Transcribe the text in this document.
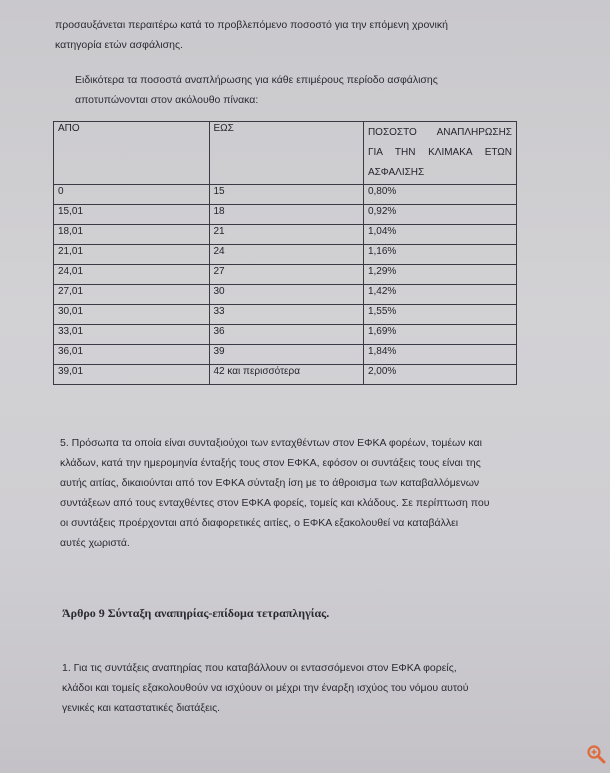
προσαυξάνεται περαιτέρω κατά το προβλεπόμενο ποσοστό για την επόμενη χρονική
κατηγορία ετών ασφάλισης.

Ειδικότερα τα ποσοστά αναπλήρωσης για κάθε επιμέρους περίοδο ασφάλισης
αποτυπώνονται στον ακόλουθο πίνακα:

ΑΠΟ	ΕΩΣ	ΠΟΣΟΣΤΟ ΑΝΑΠΛΗΡΩΣΗΣ
ΓΙΑ ΤΗΝ ΚΛΙΜΑΚΑ ΕΤΩΝ
ΑΣΦΑΛΙΣΗΣ

0	15	0,80%
15,01	18	0,92%
18,01	21	1,04%
21,01	24	1,16%
24,01	27	1,29%
27,01	30	1,42%
30,01	33	1,55%
33,01	36	1,69%
36,01	39	1,84%
39,01	42 και περισσότερα	2,00%

5. Πρόσωπα τα οποία είναι συνταξιούχοι των ενταχθέντων στον ΕΦΚΑ φορέων, τομέων και
κλάδων, κατά την ημερομηνία ένταξής τους στον ΕΦΚΑ, εφόσον οι συντάξεις τους είναι της
αυτής αιτίας, δικαιούνται από τον ΕΦΚΑ σύνταξη ίση με το άθροισμα των καταβαλλόμενων
συντάξεων από τους ενταχθέντες στον ΕΦΚΑ φορείς, τομείς και κλάδους. Σε περίπτωση που
οι συντάξεις προέρχονται από διαφορετικές αιτίες, ο ΕΦΚΑ εξακολουθεί να καταβάλλει
αυτές χωριστά.

Άρθρο 9 Σύνταξη αναπηρίας-επίδομα τετραπληγίας.

1. Για τις συντάξεις αναπηρίας που καταβάλλουν οι εντασσόμενοι στον ΕΦΚΑ φορείς,
κλάδοι και τομείς εξακολουθούν να ισχύουν οι μέχρι την έναρξη ισχύος του νόμου αυτού
γενικές και καταστατικές διατάξεις.
